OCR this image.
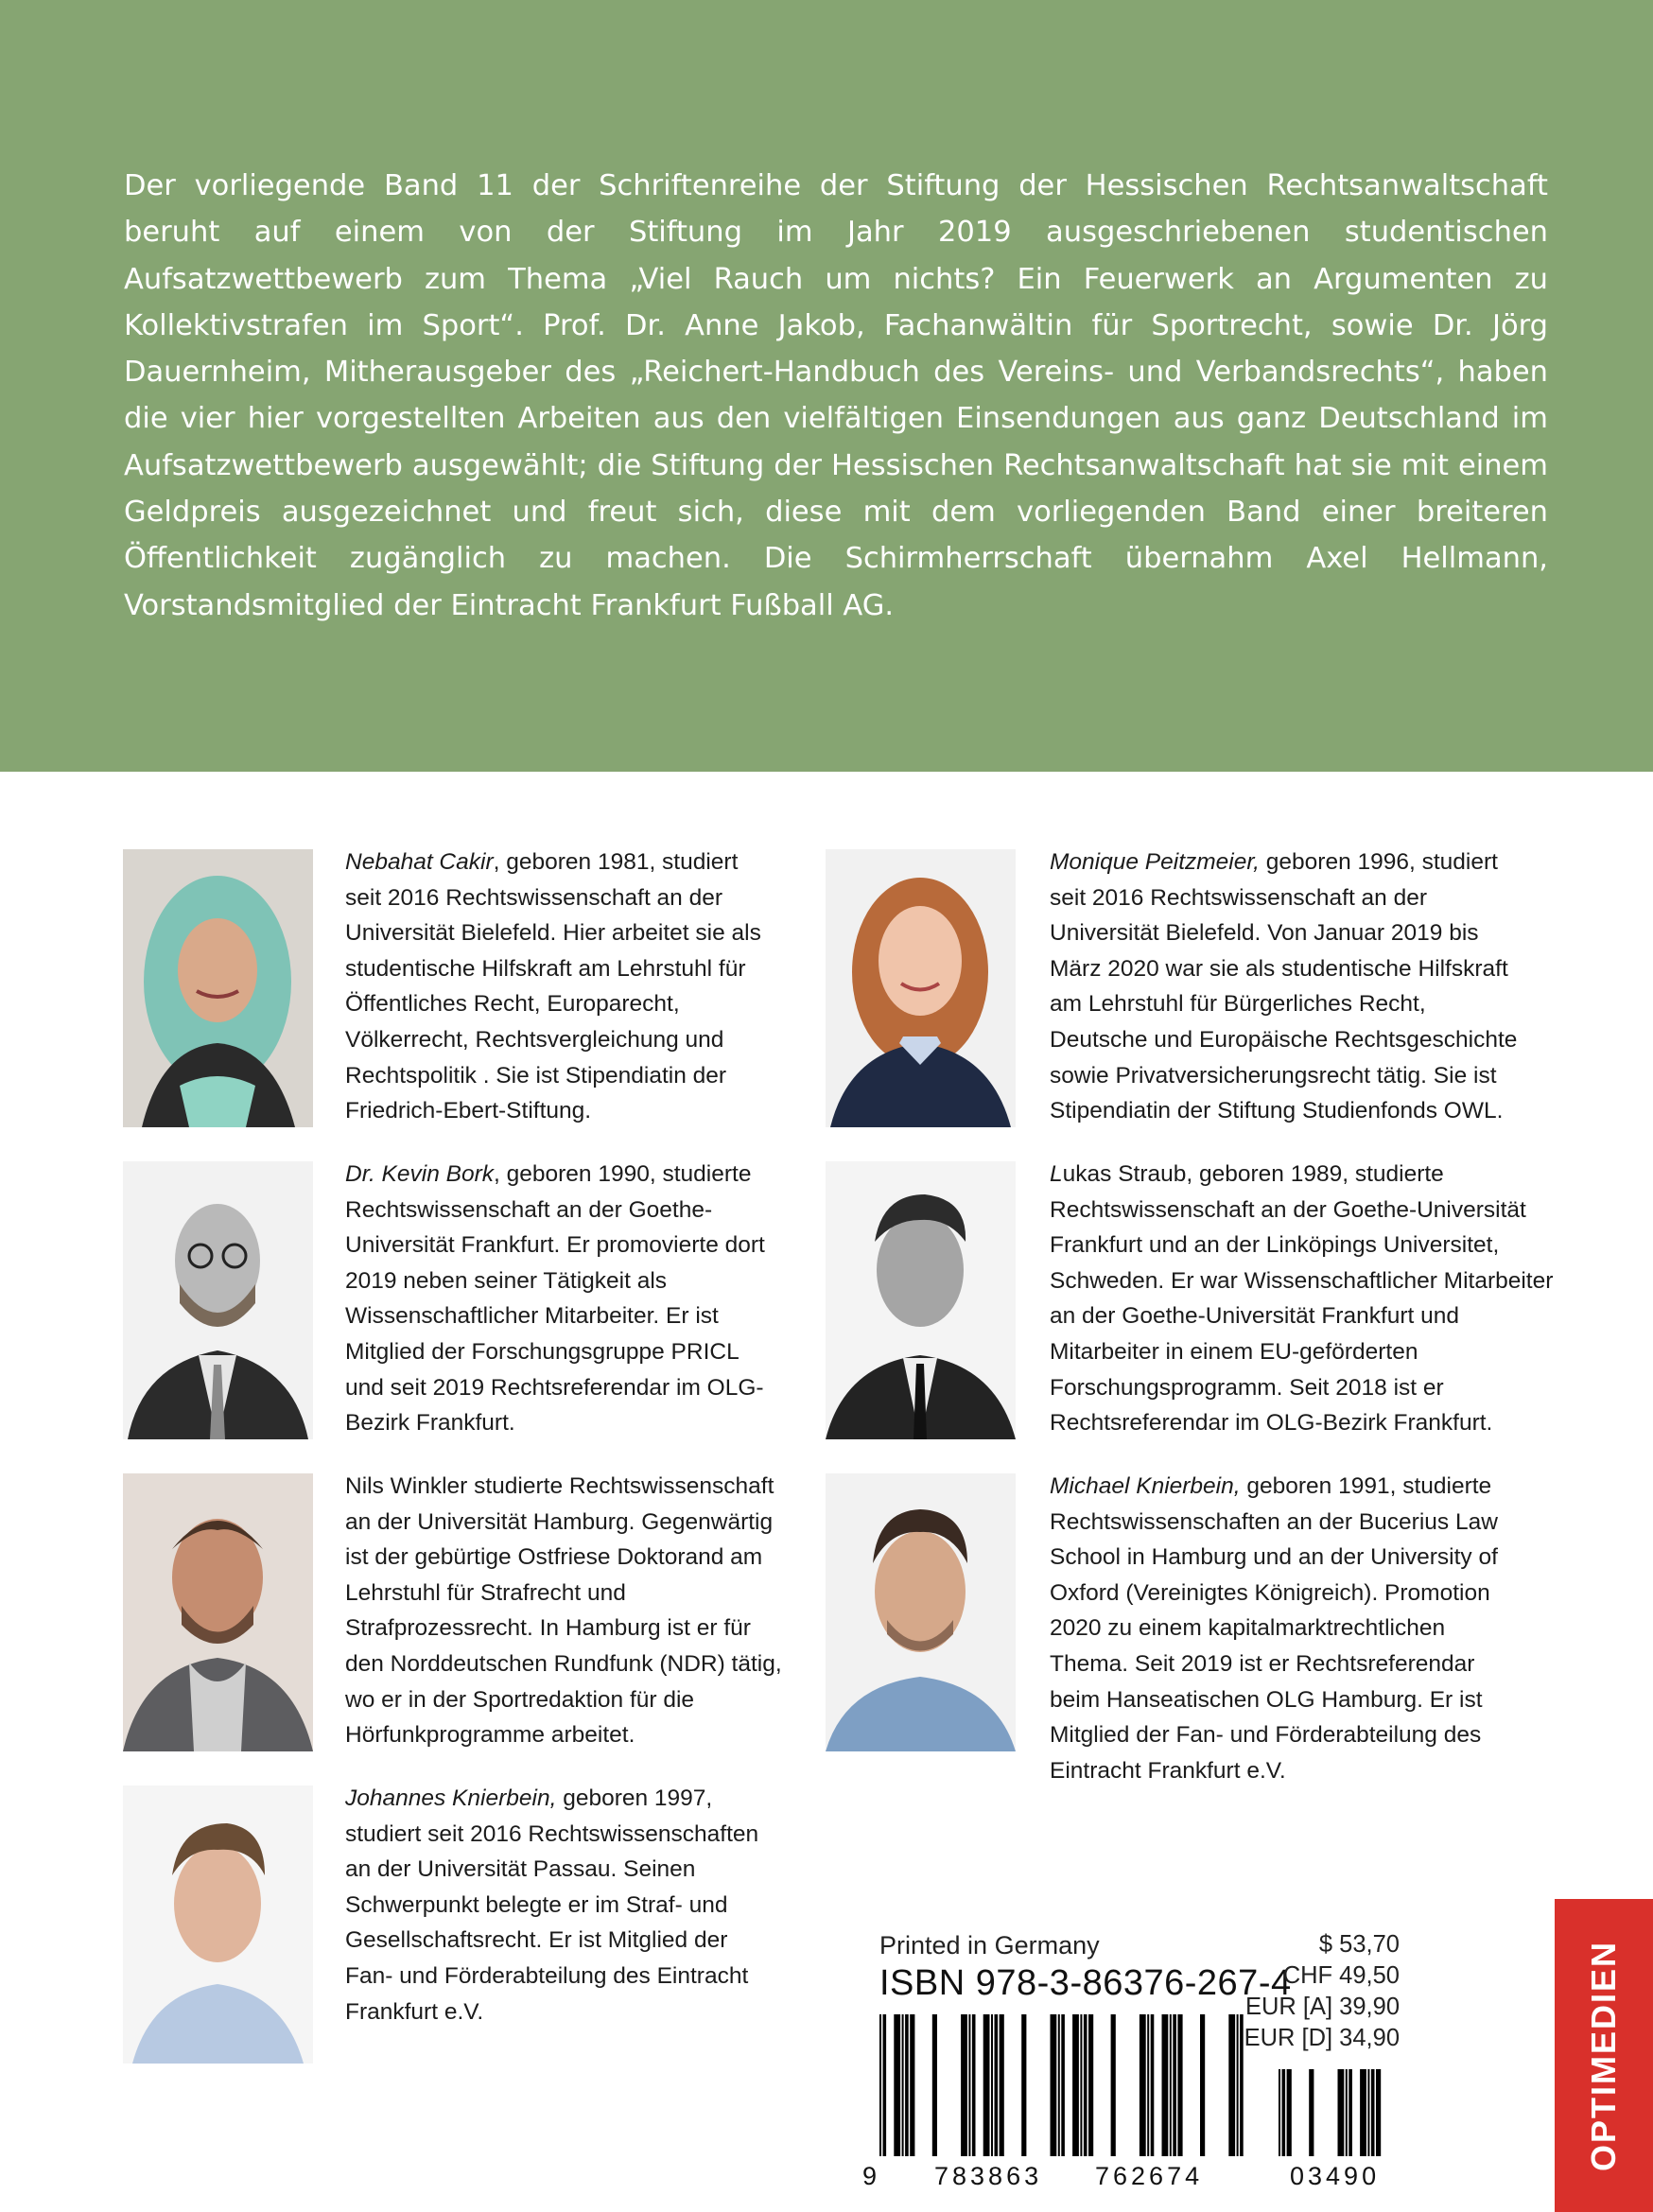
Der vorliegende Band 11 der Schriftenreihe der Stiftung der Hessischen Rechtsanwaltschaft beruht auf einem von der Stiftung im Jahr 2019 ausgeschriebenen studentischen Aufsatzwettbewerb zum Thema „Viel Rauch um nichts? Ein Feuerwerk an Argumenten zu Kollektivstrafen im Sport“. Prof. Dr. Anne Jakob, Fachanwältin für Sportrecht, sowie Dr. Jörg Dauernheim, Mitherausgeber des „Reichert-Handbuch des Vereins- und Verbandsrechts“, haben die vier hier vorgestellten Arbeiten aus den vielfältigen Einsendungen aus ganz Deutschland im Aufsatzwettbewerb ausgewählt; die Stiftung der Hessischen Rechtsanwaltschaft hat sie mit einem Geldpreis ausgezeichnet und freut sich, diese mit dem vorliegenden Band einer breiteren Öffentlichkeit zugänglich zu machen. Die Schirmherrschaft übernahm Axel Hellmann, Vorstandsmitglied der Eintracht Frankfurt Fußball AG.

Nebahat Cakir, geboren 1981, studiert seit 2016 Rechtswissenschaft an der Universität Bielefeld. Hier arbeitet sie als studentische Hilfskraft am Lehrstuhl für Öffentliches Recht, Europarecht, Völkerrecht, Rechtsvergleichung und Rechtspolitik . Sie ist Stipendiatin der Friedrich-Ebert-Stiftung.

Dr. Kevin Bork, geboren 1990, studierte Rechtswissenschaft an der Goethe-Universität Frankfurt. Er promovierte dort 2019 neben seiner Tätigkeit als Wissenschaftlicher Mitarbeiter. Er ist Mitglied der Forschungsgruppe PRICL und seit 2019 Rechtsreferendar im OLG-Bezirk Frankfurt.

Nils Winkler studierte Rechtswissenschaft an der Universität Hamburg. Gegenwärtig ist der gebürtige Ostfriese Doktorand am Lehrstuhl für Strafrecht und Strafprozessrecht. In Hamburg ist er für den Norddeutschen Rundfunk (NDR) tätig, wo er in der Sportredaktion für die Hörfunkprogramme arbeitet.

Johannes Knierbein, geboren 1997, studiert seit 2016 Rechtswissenschaften an der Universität Passau. Seinen Schwerpunkt belegte er im Straf- und Gesellschaftsrecht. Er ist Mitglied der Fan- und Förderabteilung des Eintracht Frankfurt e.V.

Monique Peitzmeier, geboren 1996, studiert seit 2016 Rechtswissenschaft an der Universität Bielefeld. Von Januar 2019 bis März 2020 war sie als studentische Hilfskraft am Lehrstuhl für Bürgerliches Recht, Deutsche und Europäische Rechtsgeschichte sowie Privatversicherungsrecht tätig. Sie ist Stipendiatin der Stiftung Studienfonds OWL.

Lukas Straub, geboren 1989, studierte Rechtswissenschaft an der Goethe-Universität Frankfurt und an der Linköpings Universitet, Schweden. Er war Wissenschaftlicher Mitarbeiter an der Goethe-Universität Frankfurt und Mitarbeiter in einem EU-geförderten Forschungsprogramm. Seit 2018 ist er Rechtsreferendar im OLG-Bezirk Frankfurt.

Michael Knierbein, geboren 1991, studierte Rechtswissenschaften an der Bucerius Law School in Hamburg und an der University of Oxford (Vereinigtes Königreich). Promotion 2020 zu einem kapitalmarktrechtlichen Thema. Seit 2019 ist er Rechtsreferendar beim Hanseatischen OLG Hamburg. Er ist Mitglied der Fan- und Förderabteilung des Eintracht Frankfurt e.V.

Printed in Germany
ISBN 978-3-86376-267-4
$ 53,70
CHF 49,50
EUR [A] 39,90
EUR [D] 34,90
9 783863 762674	03490
OPTIMEDIEN
